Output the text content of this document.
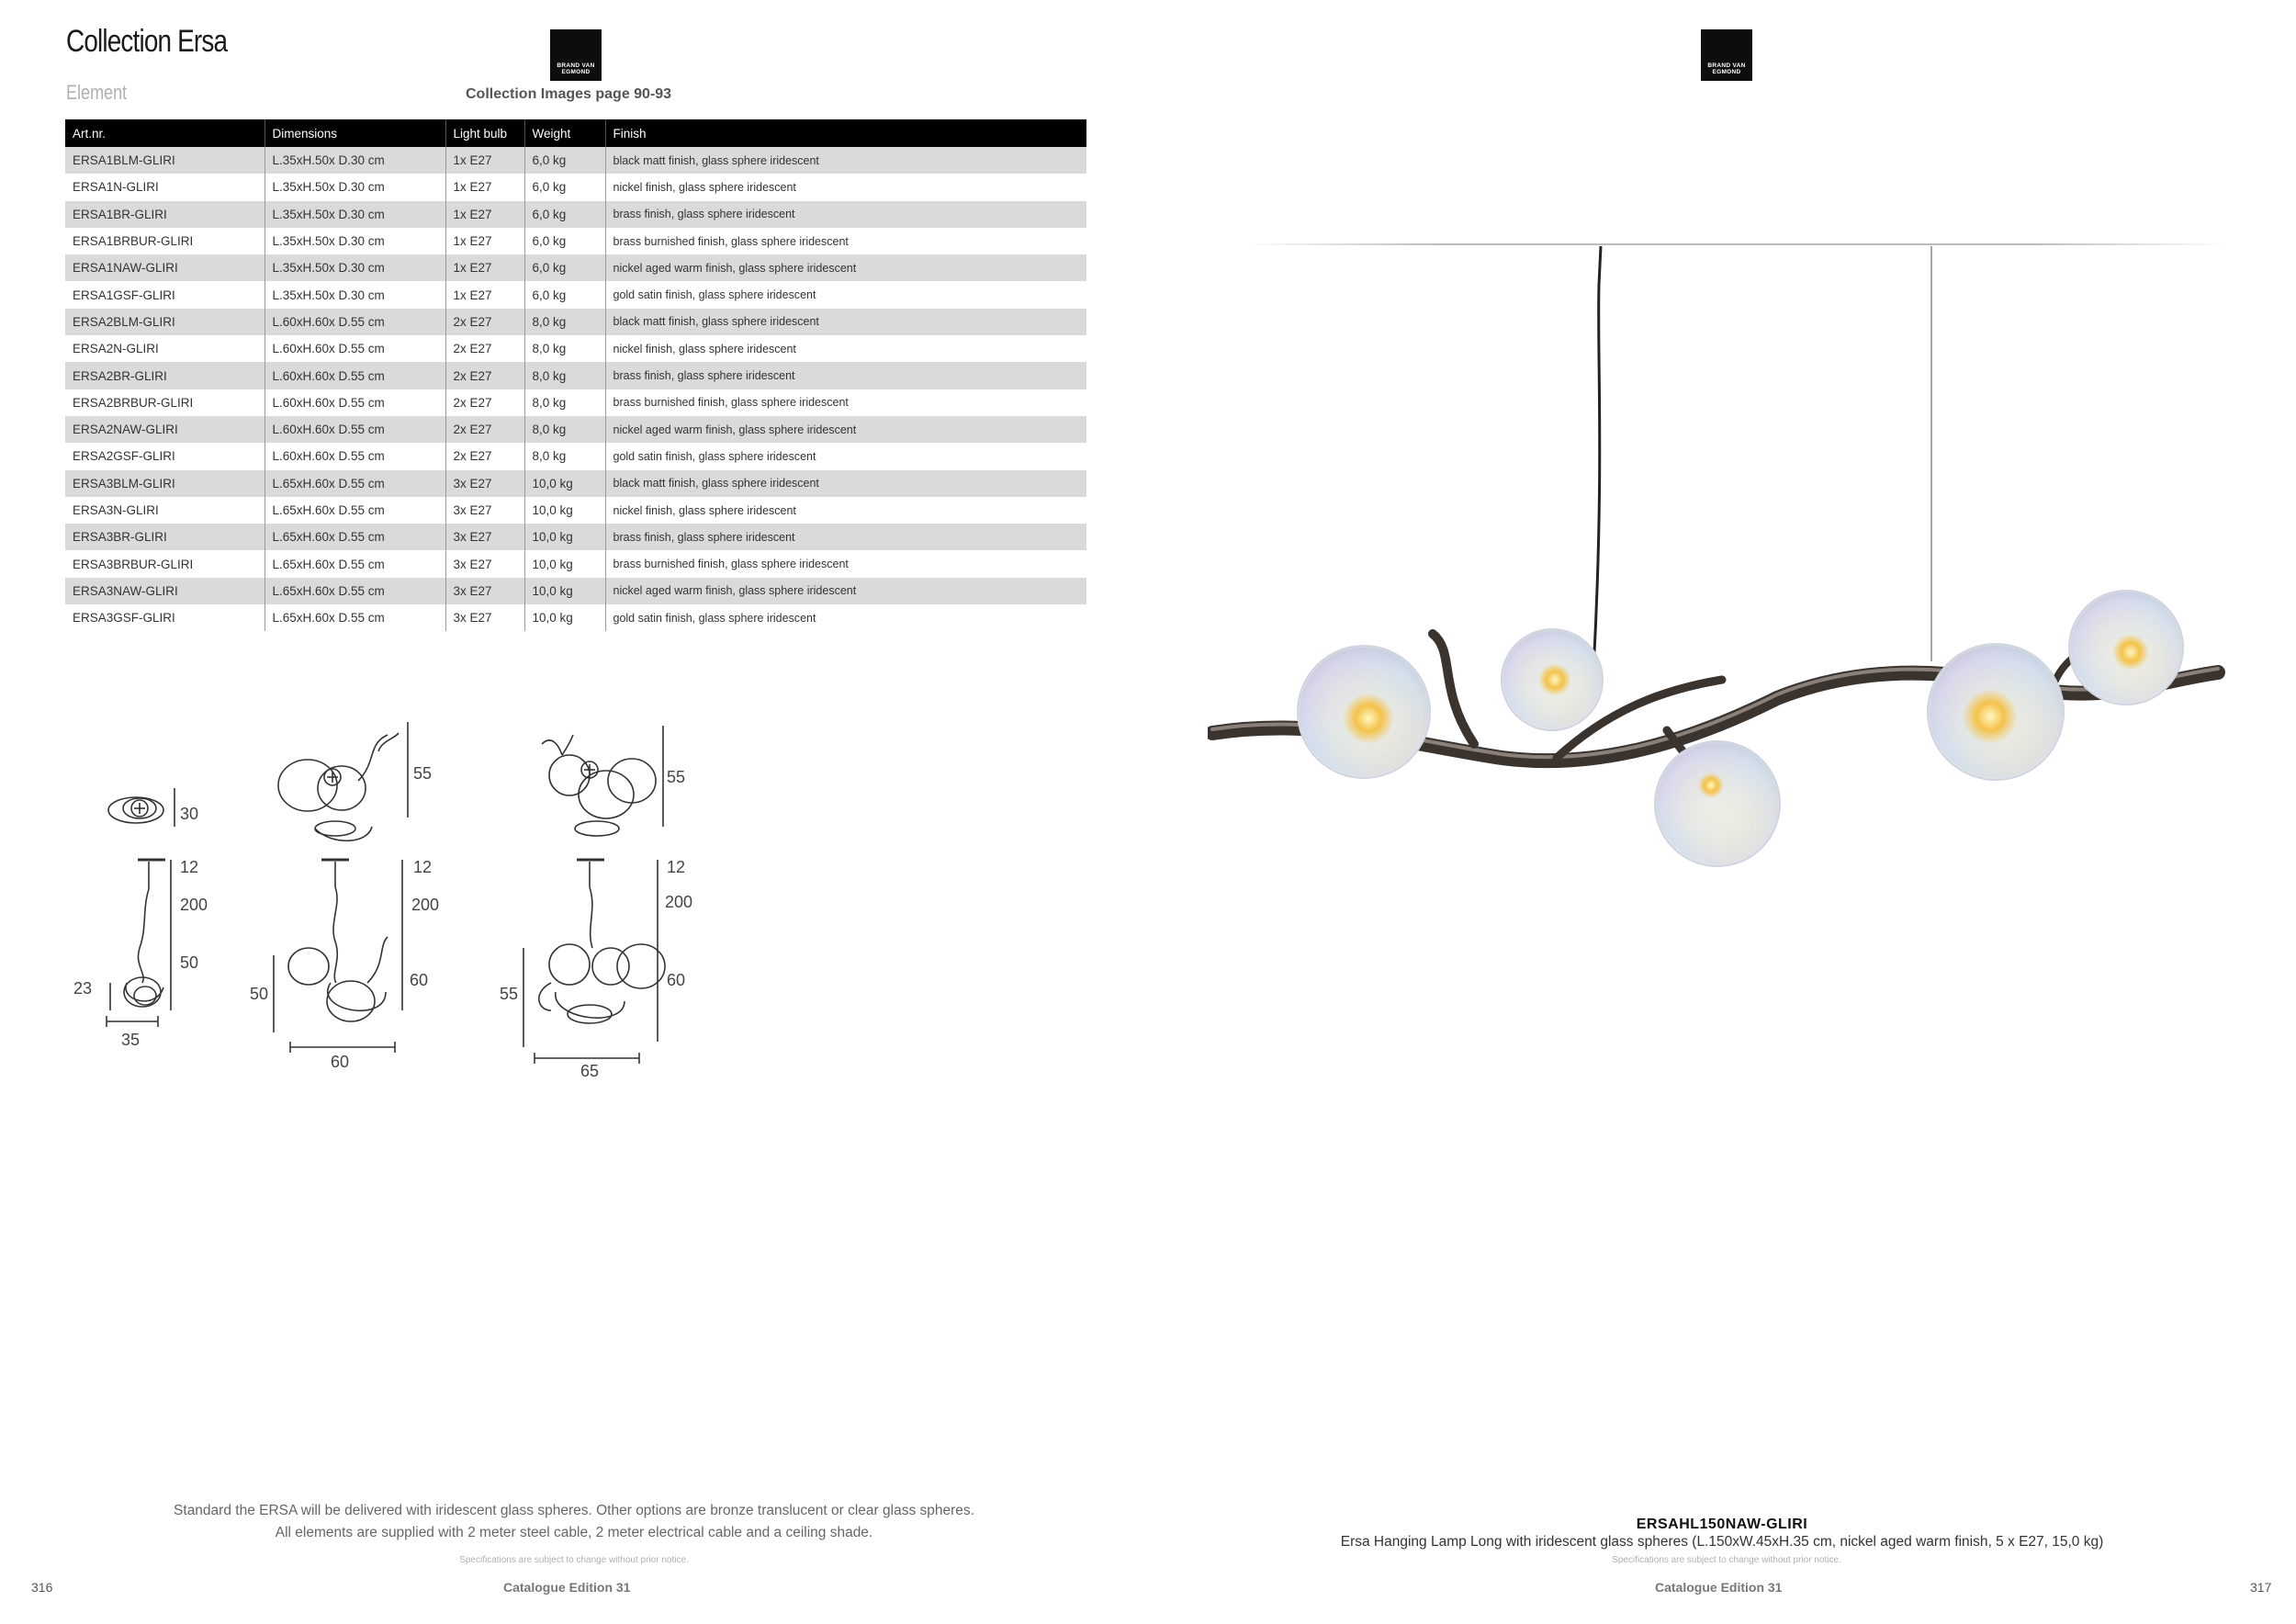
Collection Ersa
Element
BRAND VAN
EGMOND
Collection Images page 90-93
Art.nr.	Dimensions	Light bulb	Weight	Finish
ERSA1BLM-GLIRI	L.35xH.50x D.30 cm	1x E27	6,0 kg	black matt finish, glass sphere iridescent
ERSA1N-GLIRI	L.35xH.50x D.30 cm	1x E27	6,0 kg	nickel finish, glass sphere iridescent
ERSA1BR-GLIRI	L.35xH.50x D.30 cm	1x E27	6,0 kg	brass finish, glass sphere iridescent
ERSA1BRBUR-GLIRI	L.35xH.50x D.30 cm	1x E27	6,0 kg	brass burnished finish, glass sphere iridescent
ERSA1NAW-GLIRI	L.35xH.50x D.30 cm	1x E27	6,0 kg	nickel aged warm finish, glass sphere iridescent
ERSA1GSF-GLIRI	L.35xH.50x D.30 cm	1x E27	6,0 kg	gold satin finish, glass sphere iridescent
ERSA2BLM-GLIRI	L.60xH.60x D.55 cm	2x E27	8,0 kg	black matt finish, glass sphere iridescent
ERSA2N-GLIRI	L.60xH.60x D.55 cm	2x E27	8,0 kg	nickel finish, glass sphere iridescent
ERSA2BR-GLIRI	L.60xH.60x D.55 cm	2x E27	8,0 kg	brass finish, glass sphere iridescent
ERSA2BRBUR-GLIRI	L.60xH.60x D.55 cm	2x E27	8,0 kg	brass burnished finish, glass sphere iridescent
ERSA2NAW-GLIRI	L.60xH.60x D.55 cm	2x E27	8,0 kg	nickel aged warm finish, glass sphere iridescent
ERSA2GSF-GLIRI	L.60xH.60x D.55 cm	2x E27	8,0 kg	gold satin finish, glass sphere iridescent
ERSA3BLM-GLIRI	L.65xH.60x D.55 cm	3x E27	10,0 kg	black matt finish, glass sphere iridescent
ERSA3N-GLIRI	L.65xH.60x D.55 cm	3x E27	10,0 kg	nickel finish, glass sphere iridescent
ERSA3BR-GLIRI	L.65xH.60x D.55 cm	3x E27	10,0 kg	brass finish, glass sphere iridescent
ERSA3BRBUR-GLIRI	L.65xH.60x D.55 cm	3x E27	10,0 kg	brass burnished finish, glass sphere iridescent
ERSA3NAW-GLIRI	L.65xH.60x D.55 cm	3x E27	10,0 kg	nickel aged warm finish, glass sphere iridescent
ERSA3GSF-GLIRI	L.65xH.60x D.55 cm	3x E27	10,0 kg	gold satin finish, glass sphere iridescent
30
12
200
50
23
35
55
12
200
60
50
60
55
12
200
60
55
65
Standard the ERSA will be delivered with iridescent glass spheres. Other options are bronze translucent or clear glass spheres.
All elements are supplied with 2 meter steel cable, 2 meter electrical cable and a ceiling shade.
Specifications are subject to change without prior notice.
Catalogue Edition 31
316
BRAND VAN
EGMOND
ERSAHL150NAW-GLIRI
Ersa Hanging Lamp Long with iridescent glass spheres (L.150xW.45xH.35 cm, nickel aged warm finish, 5 x E27, 15,0 kg)
Specifications are subject to change without prior notice.
Catalogue Edition 31	317
